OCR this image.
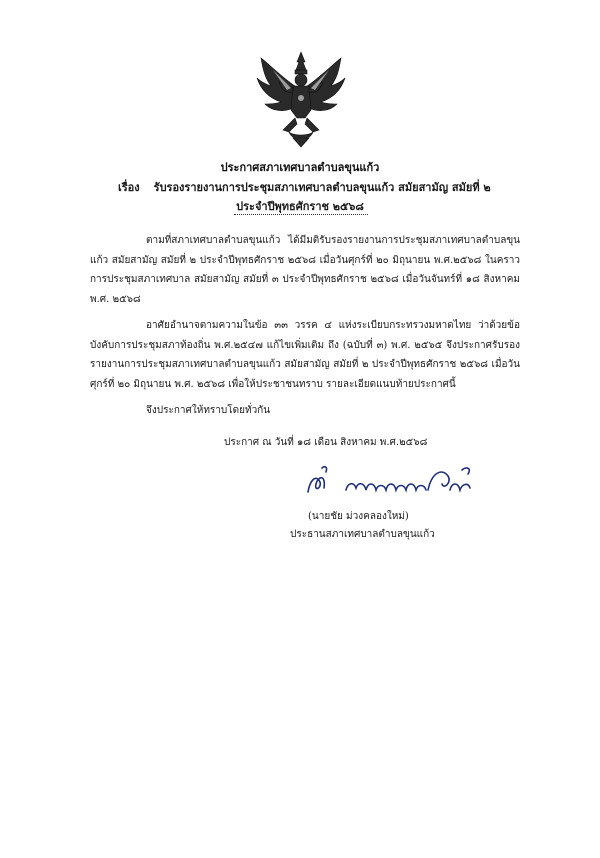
ประกาศสภาเทศบาลตำบลขุนแก้ว
เรื่อง รับรองรายงานการประชุมสภาเทศบาลตำบลขุนแก้ว สมัยสามัญ สมัยที่ ๒
ประจำปีพุทธศักราช ๒๕๖๘
ตามที่สภาเทศบาลตำบลขุนแก้ว ได้มีมติรับรองรายงานการประชุมสภาเทศบาลตำบลขุนแก้ว สมัยสามัญ สมัยที่ ๒ ประจำปีพุทธศักราช ๒๕๖๘ เมื่อวันศุกร์ที่ ๒๐ มิถุนายน พ.ศ.๒๕๖๘ ในคราวการประชุมสภาเทศบาล สมัยสามัญ สมัยที่ ๓ ประจำปีพุทธศักราช ๒๕๖๘ เมื่อวันจันทร์ที่ ๑๘ สิงหาคม พ.ศ. ๒๕๖๘
อาศัยอำนาจตามความในข้อ ๓๓ วรรค ๔ แห่งระเบียบกระทรวงมหาดไทย ว่าด้วยข้อบังคับการประชุมสภาท้องถิ่น พ.ศ.๒๕๔๗ แก้ไขเพิ่มเติม ถึง (ฉบับที่ ๓) พ.ศ. ๒๕๖๕ จึงประกาศรับรองรายงานการประชุมสภาเทศบาลตำบลขุนแก้ว สมัยสามัญ สมัยที่ ๒ ประจำปีพุทธศักราช ๒๕๖๘ เมื่อวันศุกร์ที่ ๒๐ มิถุนายน พ.ศ. ๒๕๖๘ เพื่อให้ประชาชนทราบ รายละเอียดแนบท้ายประกาศนี้
จึงประกาศให้ทราบโดยทั่วกัน
ประกาศ ณ วันที่ ๑๘ เดือน สิงหาคม พ.ศ.๒๕๖๘
(นายชัย ม่วงคลองใหม่)
ประธานสภาเทศบาลตำบลขุนแก้ว
